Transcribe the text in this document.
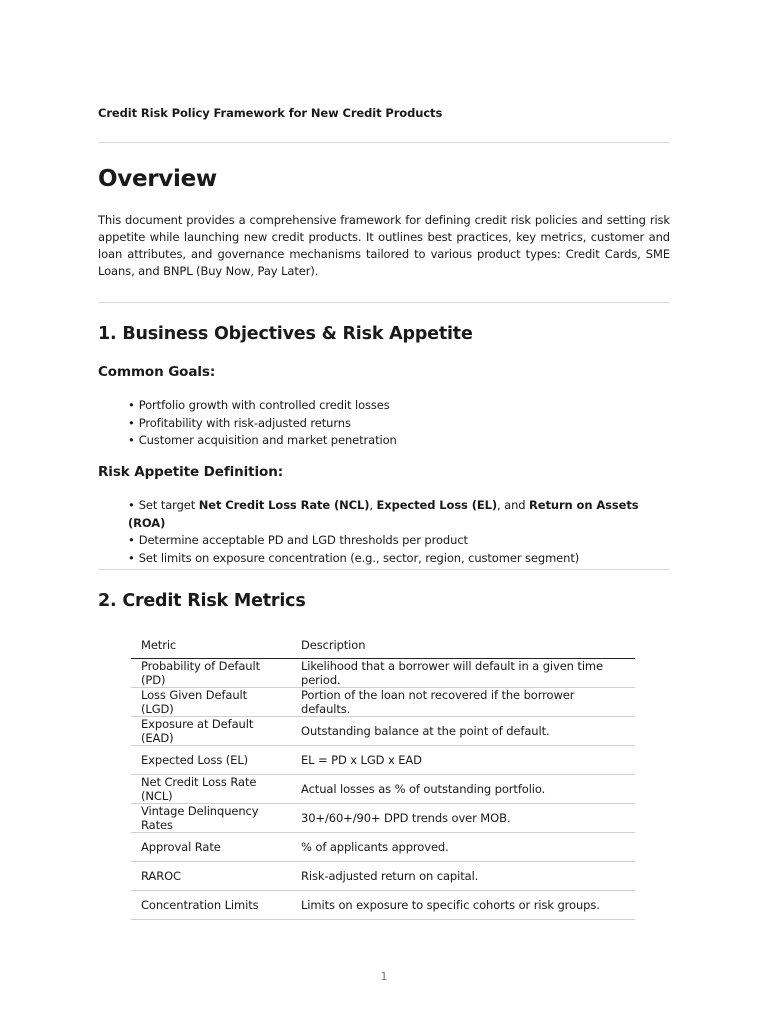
Credit Risk Policy Framework for New Credit Products
Overview
This document provides a comprehensive framework for defining credit risk policies and setting risk appetite while launching new credit products. It outlines best practices, key metrics, customer and loan attributes, and governance mechanisms tailored to various product types: Credit Cards, SME Loans, and BNPL (Buy Now, Pay Later).
1. Business Objectives & Risk Appetite
Common Goals:
• Portfolio growth with controlled credit losses
• Profitability with risk-adjusted returns
• Customer acquisition and market penetration
Risk Appetite Definition:
• Set target Net Credit Loss Rate (NCL), Expected Loss (EL), and Return on Assets (ROA)
• Determine acceptable PD and LGD thresholds per product
• Set limits on exposure concentration (e.g., sector, region, customer segment)
2. Credit Risk Metrics
Metric	Description
Probability of Default (PD)	Likelihood that a borrower will default in a given time period.
Loss Given Default (LGD)	Portion of the loan not recovered if the borrower defaults.
Exposure at Default (EAD)	Outstanding balance at the point of default.
Expected Loss (EL)	EL = PD x LGD x EAD
Net Credit Loss Rate (NCL)	Actual losses as % of outstanding portfolio.
Vintage Delinquency Rates	30+/60+/90+ DPD trends over MOB.
Approval Rate	% of applicants approved.
RAROC	Risk-adjusted return on capital.
Concentration Limits	Limits on exposure to specific cohorts or risk groups.
1
